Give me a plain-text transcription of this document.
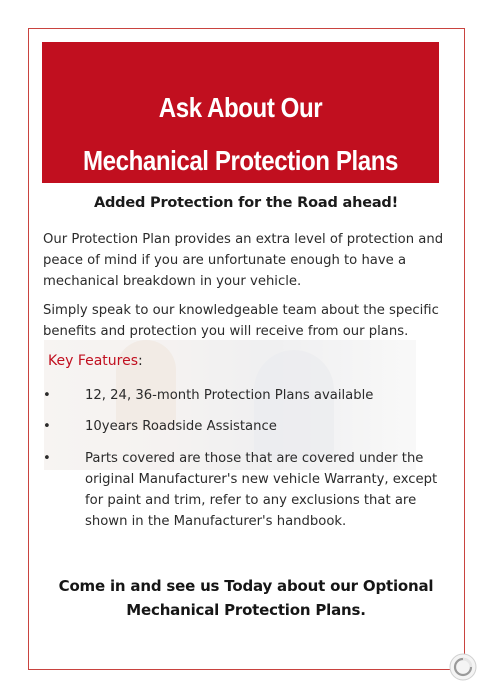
Ask About Our
Mechanical Protection Plans
Added Protection for the Road ahead!
Our Protection Plan provides an extra level of protection and peace of mind if you are unfortunate enough to have a mechanical breakdown in your vehicle.
Simply speak to our knowledgeable team about the specific benefits and protection you will receive from our plans.
Key Features:
•	12, 24, 36-month Protection Plans available
•	10years Roadside Assistance
•	Parts covered are those that are covered under the original Manufacturer's new vehicle Warranty, except for paint and trim, refer to any exclusions that are shown in the Manufacturer's handbook.
Come in and see us Today about our Optional
Mechanical Protection Plans.
